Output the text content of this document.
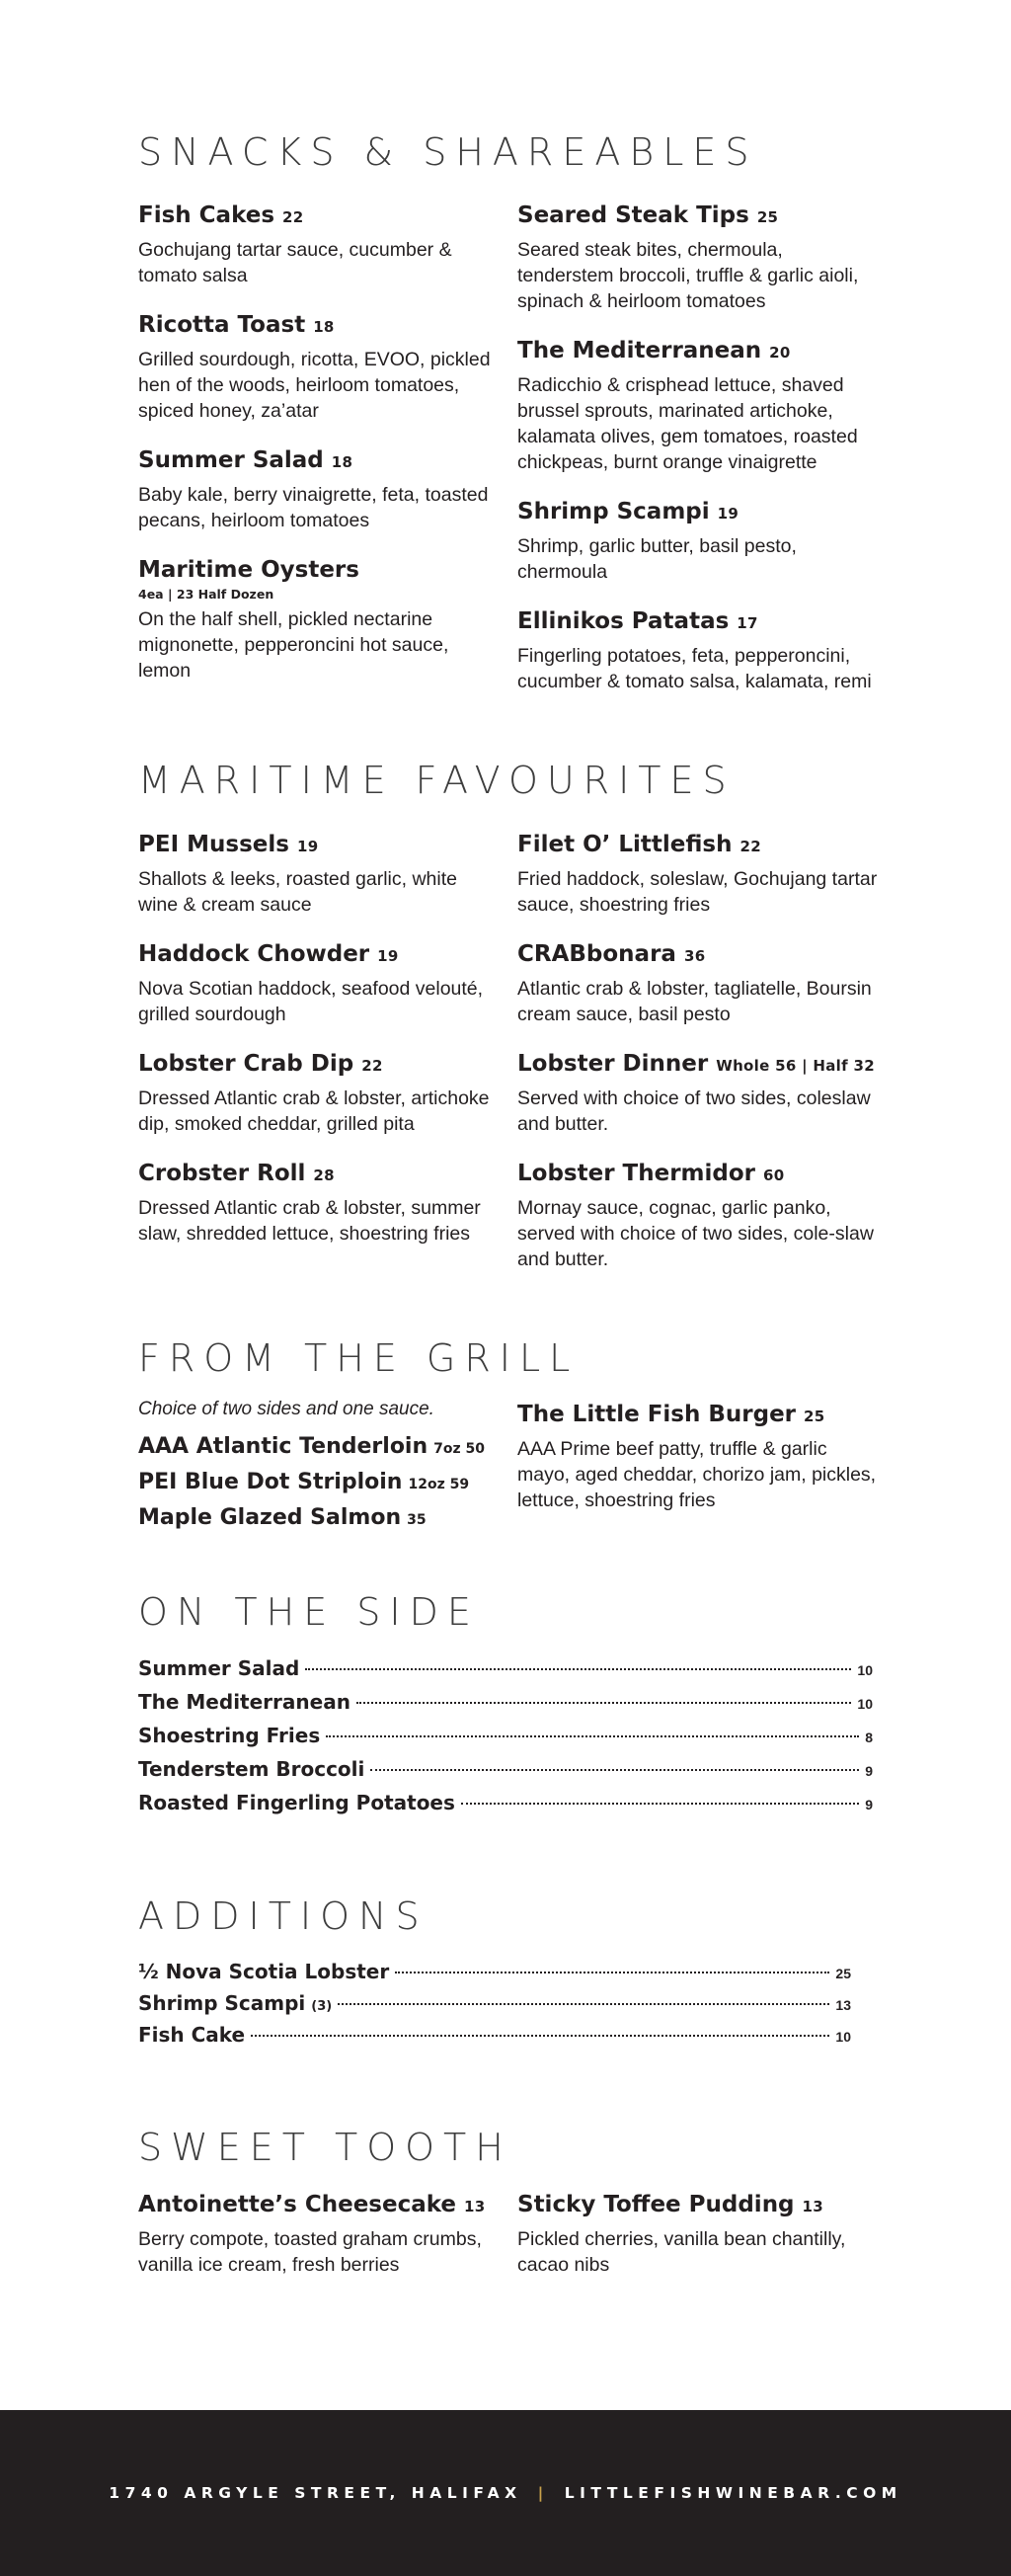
SNACKS & SHAREABLES
Fish Cakes 22
Gochujang tartar sauce, cucumber & tomato salsa
Ricotta Toast 18
Grilled sourdough, ricotta, EVOO, pickled hen of the woods, heirloom tomatoes, spiced honey, za’atar
Summer Salad 18
Baby kale, berry vinaigrette, feta, toasted pecans, heirloom tomatoes
Maritime Oysters
4ea | 23 Half Dozen
On the half shell, pickled nectarine mignonette, pepperoncini hot sauce, lemon
Seared Steak Tips 25
Seared steak bites, chermoula, tenderstem broccoli, truffle & garlic aioli, spinach & heirloom tomatoes
The Mediterranean 20
Radicchio & crisphead lettuce, shaved brussel sprouts, marinated artichoke, kalamata olives, gem tomatoes, roasted chickpeas, burnt orange vinaigrette
Shrimp Scampi 19
Shrimp, garlic butter, basil pesto, chermoula
Ellinikos Patatas 17
Fingerling potatoes, feta, pepperoncini, cucumber & tomato salsa, kalamata, remi
MARITIME FAVOURITES
PEI Mussels 19
Shallots & leeks, roasted garlic, white wine & cream sauce
Haddock Chowder 19
Nova Scotian haddock, seafood velouté, grilled sourdough
Lobster Crab Dip 22
Dressed Atlantic crab & lobster, artichoke dip, smoked cheddar, grilled pita
Crobster Roll 28
Dressed Atlantic crab & lobster, summer slaw, shredded lettuce, shoestring fries
Filet O’ Littlefish 22
Fried haddock, soleslaw, Gochujang tartar sauce, shoestring fries
CRABbonara 36
Atlantic crab & lobster, tagliatelle, Boursin cream sauce, basil pesto
Lobster Dinner Whole 56 | Half 32
Served with choice of two sides, coleslaw and butter.
Lobster Thermidor 60
Mornay sauce, cognac, garlic panko, served with choice of two sides, cole-slaw and butter.
FROM THE GRILL
Choice of two sides and one sauce.
AAA Atlantic Tenderloin 7oz 50
PEI Blue Dot Striploin 12oz 59
Maple Glazed Salmon 35
The Little Fish Burger 25
AAA Prime beef patty, truffle & garlic mayo, aged cheddar, chorizo jam, pickles, lettuce, shoestring fries
ON THE SIDE
Summer Salad	10
The Mediterranean	10
Shoestring Fries	8
Tenderstem Broccoli	9
Roasted Fingerling Potatoes	9
ADDITIONS
½ Nova Scotia Lobster	25
Shrimp Scampi (3)	13
Fish Cake	10
SWEET TOOTH
Antoinette’s Cheesecake 13
Berry compote, toasted graham crumbs, vanilla ice cream, fresh berries
Sticky Toffee Pudding 13
Pickled cherries, vanilla bean chantilly, cacao nibs
1740 ARGYLE STREET, HALIFAX | LITTLEFISHWINEBAR.COM
